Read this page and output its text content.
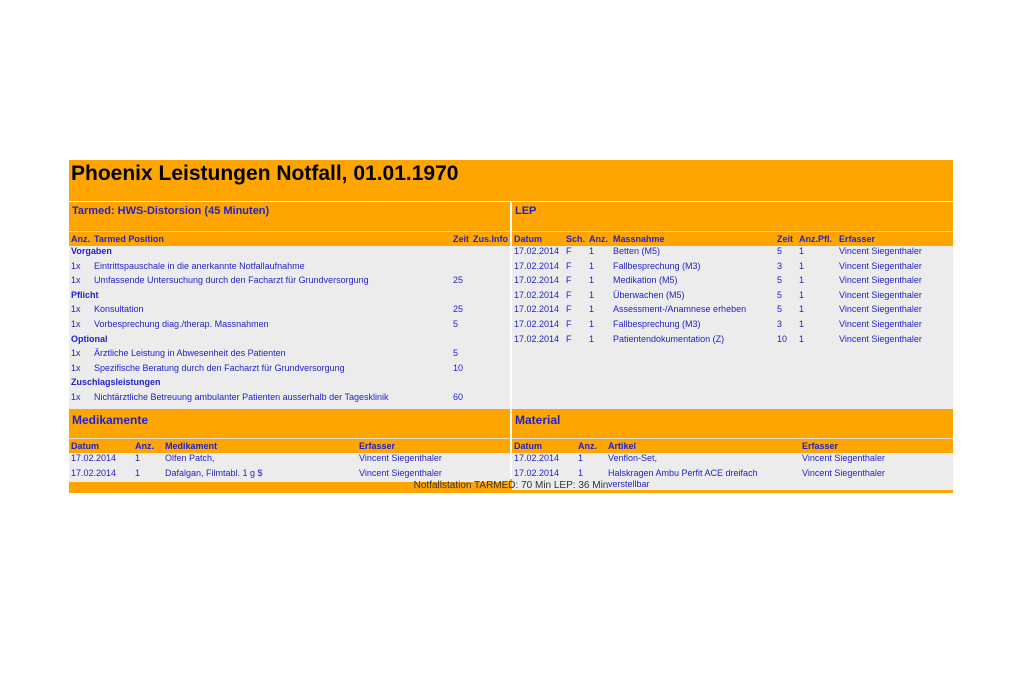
Phoenix Leistungen Notfall, 01.01.1970
Tarmed: HWS-Distorsion (45 Minuten)
Anz.	Tarmed Position	Zeit	Zus.Info
Vorgaben			
1x	Eintrittspauschale in die anerkannte Notfallaufnahme		
1x	Umfassende Untersuchung durch den Facharzt für Grundversorgung	25	
Pflicht			
1x	Konsultation	25	
1x	Vorbesprechung diag./therap. Massnahmen	5	
Optional			
1x	Ärztliche Leistung in Abwesenheit des Patienten	5	
1x	Spezifische Beratung durch den Facharzt für Grundversorgung	10	
Zuschlagsleistungen			
1x	Nichtärztliche Betreuung ambulanter Patienten ausserhalb der Tagesklinik	60	
LEP
Datum	Sch.	Anz.	Massnahme	Zeit	Anz.Pfl.	Erfasser
17.02.2014	F	1	Betten (M5)	5	1	Vincent Siegenthaler
17.02.2014	F	1	Fallbesprechung (M3)	3	1	Vincent Siegenthaler
17.02.2014	F	1	Medikation (M5)	5	1	Vincent Siegenthaler
17.02.2014	F	1	Überwachen (M5)	5	1	Vincent Siegenthaler
17.02.2014	F	1	Assessment-/Anamnese erheben	5	1	Vincent Siegenthaler
17.02.2014	F	1	Fallbesprechung (M3)	3	1	Vincent Siegenthaler
17.02.2014	F	1	Patientendokumentation (Z)	10	1	Vincent Siegenthaler
Medikamente
Datum	Anz.	Medikament	Erfasser
17.02.2014	1	Olfen Patch,	Vincent Siegenthaler
17.02.2014	1	Dafalgan, Filmtabl. 1 g $	Vincent Siegenthaler
Material
Datum	Anz.	Artikel	Erfasser
17.02.2014	1	Venflon-Set,	Vincent Siegenthaler
17.02.2014	1	Halskragen Ambu Perfit ACE dreifach verstellbar	Vincent Siegenthaler
Notfallstation TARMED: 70 Min LEP: 36 Min
